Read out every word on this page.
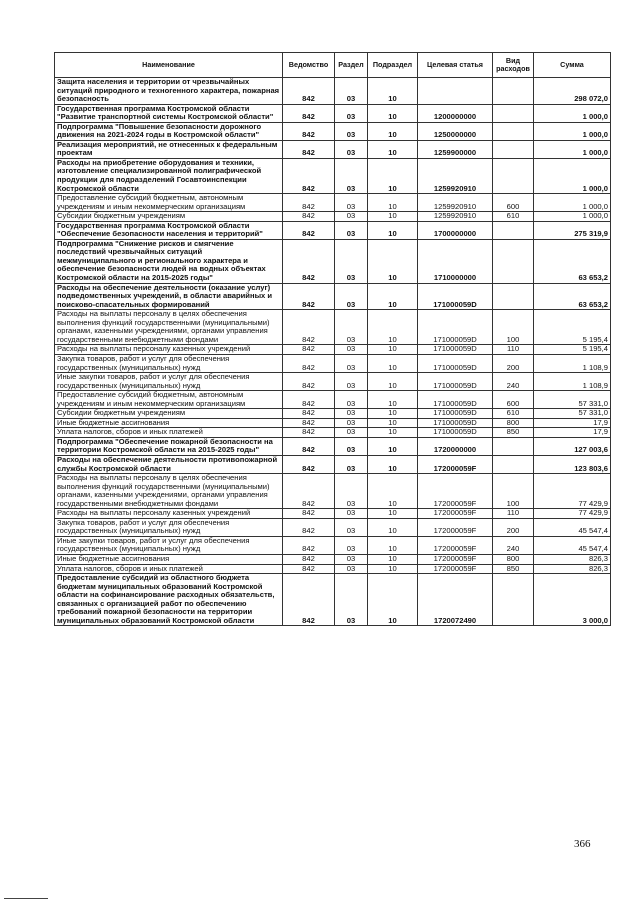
Наименование	Ведомство	Раздел	Подраздел	Целевая статья	Вид расходов	Сумма
Защита населения и территории от чрезвычайных ситуаций природного и техногенного характера, пожарная безопасность	842	03	10			298 072,0
Государственная программа Костромской области "Развитие транспортной системы Костромской области"	842	03	10	1200000000		1 000,0
Подпрограмма "Повышение безопасности дорожного движения на 2021-2024 годы в Костромской области"	842	03	10	1250000000		1 000,0
Реализация мероприятий, не отнесенных к федеральным проектам	842	03	10	1259900000		1 000,0
Расходы на приобретение оборудования и техники, изготовление специализированной полиграфической продукции для подразделений Госавтоинспекции Костромской области	842	03	10	1259920910		1 000,0
Предоставление субсидий бюджетным, автономным учреждениям и иным некоммерческим организациям	842	03	10	1259920910	600	1 000,0
Субсидии бюджетным учреждениям	842	03	10	1259920910	610	1 000,0
Государственная программа Костромской области "Обеспечение безопасности населения и территорий"	842	03	10	1700000000		275 319,9
Подпрограмма "Снижение рисков и смягчение последствий чрезвычайных ситуаций межмуниципального и регионального характера и обеспечение безопасности людей на водных объектах Костромской области на 2015-2025 годы"	842	03	10	1710000000		63 653,2
Расходы на обеспечение деятельности (оказание услуг) подведомственных учреждений, в области аварийных и поисково-спасательных формирований	842	03	10	171000059D		63 653,2
Расходы на выплаты персоналу в целях обеспечения выполнения функций государственными (муниципальными) органами, казенными учреждениями, органами управления государственными внебюджетными фондами	842	03	10	171000059D	100	5 195,4
Расходы на выплаты персоналу казенных учреждений	842	03	10	171000059D	110	5 195,4
Закупка товаров, работ и услуг для обеспечения государственных (муниципальных) нужд	842	03	10	171000059D	200	1 108,9
Иные закупки товаров, работ и услуг для обеспечения государственных (муниципальных) нужд	842	03	10	171000059D	240	1 108,9
Предоставление субсидий бюджетным, автономным учреждениям и иным некоммерческим организациям	842	03	10	171000059D	600	57 331,0
Субсидии бюджетным учреждениям	842	03	10	171000059D	610	57 331,0
Иные бюджетные ассигнования	842	03	10	171000059D	800	17,9
Уплата налогов, сборов и иных платежей	842	03	10	171000059D	850	17,9
Подпрограмма "Обеспечение пожарной безопасности на территории Костромской области на 2015-2025 годы"	842	03	10	1720000000		127 003,6
Расходы на обеспечение деятельности противопожарной службы Костромской области	842	03	10	172000059F		123 803,6
Расходы на выплаты персоналу в целях обеспечения выполнения функций государственными (муниципальными) органами, казенными учреждениями, органами управления государственными внебюджетными фондами	842	03	10	172000059F	100	77 429,9
Расходы на выплаты персоналу казенных учреждений	842	03	10	172000059F	110	77 429,9
Закупка товаров, работ и услуг для обеспечения государственных (муниципальных) нужд	842	03	10	172000059F	200	45 547,4
Иные закупки товаров, работ и услуг для обеспечения государственных (муниципальных) нужд	842	03	10	172000059F	240	45 547,4
Иные бюджетные ассигнования	842	03	10	172000059F	800	826,3
Уплата налогов, сборов и иных платежей	842	03	10	172000059F	850	826,3
Предоставление субсидий из областного бюджета бюджетам муниципальных образований Костромской области на софинансирование расходных обязательств, связанных с организацией работ по обеспечению требований пожарной безопасности на территории муниципальных образований Костромской области	842	03	10	1720072490		3 000,0
366
